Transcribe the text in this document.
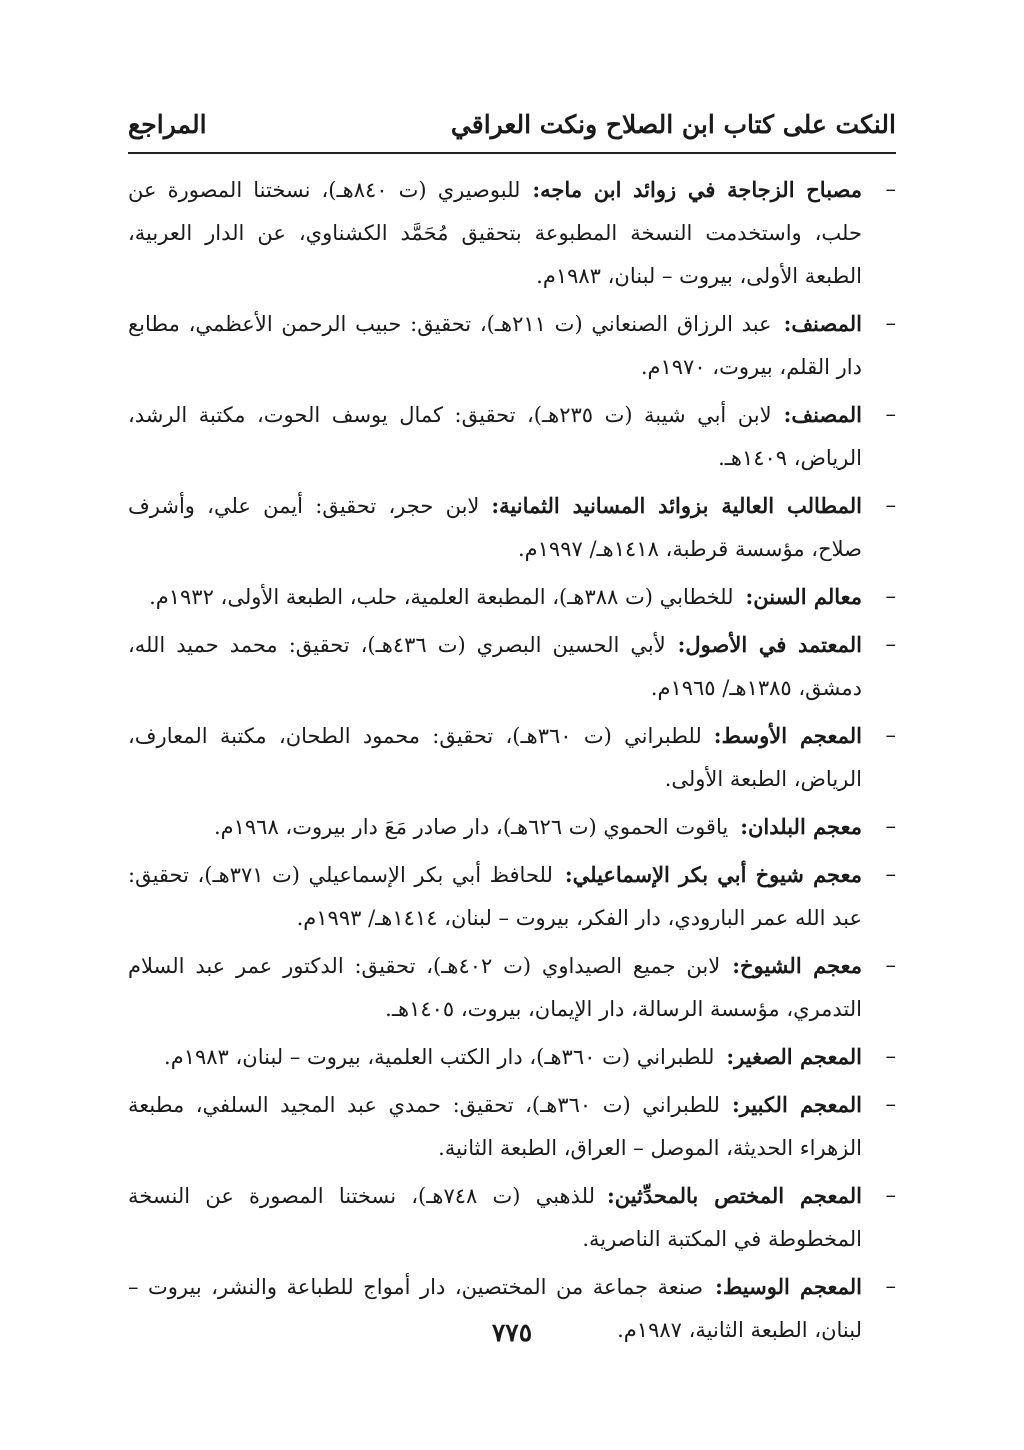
النكت على كتاب ابن الصلاح ونكت العراقي
المراجع
–
مصباح الزجاجة في زوائد ابن ماجه:للبوصيري (ت ٨٤٠هـ)، نسختنا المصورة عن حلب، واستخدمت النسخة المطبوعة بتحقيق مُحَمَّد الكشناوي، عن الدار العربية، الطبعة الأولى، بيروت – لبنان، ١٩٨٣م.
–
المصنف:عبد الرزاق الصنعاني (ت ٢١١هـ)، تحقيق: حبيب الرحمن الأعظمي، مطابع دار القلم، بيروت، ١٩٧٠م.
–
المصنف:لابن أبي شيبة (ت ٢٣٥هـ)، تحقيق: كمال يوسف الحوت، مكتبة الرشد، الرياض، ١٤٠٩هـ.
–
المطالب العالية بزوائد المسانيد الثمانية:لابن حجر، تحقيق: أيمن علي، وأشرف صلاح، مؤسسة قرطبة، ١٤١٨هـ/ ١٩٩٧م.
–
معالم السنن:للخطابي (ت ٣٨٨هـ)، المطبعة العلمية، حلب، الطبعة الأولى، ١٩٣٢م.
–
المعتمد في الأصول:لأبي الحسين البصري (ت ٤٣٦هـ)، تحقيق: محمد حميد الله، دمشق، ١٣٨٥هـ/ ١٩٦٥م.
–
المعجم الأوسط:للطبراني (ت ٣٦٠هـ)، تحقيق: محمود الطحان، مكتبة المعارف، الرياض، الطبعة الأولى.
–
معجم البلدان:ياقوت الحموي (ت ٦٢٦هـ)، دار صادر مَعَ دار بيروت، ١٩٦٨م.
–
معجم شيوخ أبي بكر الإسماعيلي:للحافظ أبي بكر الإسماعيلي (ت ٣٧١هـ)، تحقيق: عبد الله عمر البارودي، دار الفكر، بيروت – لبنان، ١٤١٤هـ/ ١٩٩٣م.
–
معجم الشيوخ:لابن جميع الصيداوي (ت ٤٠٢هـ)، تحقيق: الدكتور عمر عبد السلام التدمري، مؤسسة الرسالة، دار الإيمان، بيروت، ١٤٠٥هـ.
–
المعجم الصغير:للطبراني (ت ٣٦٠هـ)، دار الكتب العلمية، بيروت – لبنان، ١٩٨٣م.
–
المعجم الكبير:للطبراني (ت ٣٦٠هـ)، تحقيق: حمدي عبد المجيد السلفي، مطبعة الزهراء الحديثة، الموصل – العراق، الطبعة الثانية.
–
المعجم المختص بالمحدِّثين:للذهبي (ت ٧٤٨هـ)، نسختنا المصورة عن النسخة المخطوطة في المكتبة الناصرية.
–
المعجم الوسيط:صنعة جماعة من المختصين، دار أمواج للطباعة والنشر، بيروت – لبنان، الطبعة الثانية، ١٩٨٧م.
٧٧٥
